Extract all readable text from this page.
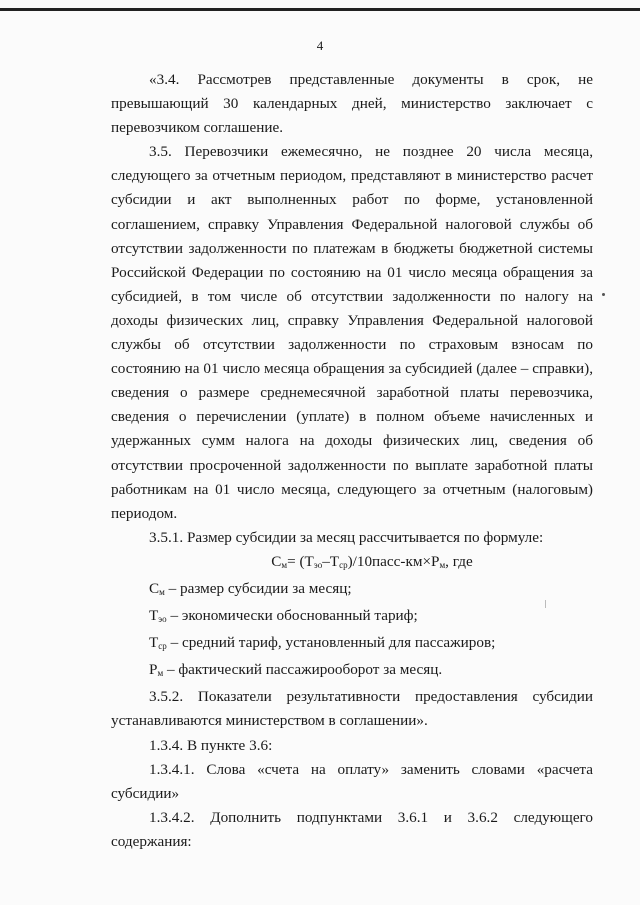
4

«3.4. Рассмотрев представленные документы в срок, не превышающий 30 календарных дней, министерство заключает с перевозчиком соглашение.

3.5. Перевозчики ежемесячно, не позднее 20 числа месяца, следующего за отчетным периодом, представляют в министерство расчет субсидии и акт выполненных работ по форме, установленной соглашением, справку Управления Федеральной налоговой службы об отсутствии задолженности по платежам в бюджеты бюджетной системы Российской Федерации по состоянию на 01 число месяца обращения за субсидией, в том числе об отсутствии задолженности по налогу на доходы физических лиц, справку Управления Федеральной налоговой службы об отсутствии задолженности по страховым взносам по состоянию на 01 число месяца обращения за субсидией (далее – справки), сведения о размере среднемесячной заработной платы перевозчика, сведения о перечислении (уплате) в полном объеме начисленных и удержанных сумм налога на доходы физических лиц, сведения об отсутствии просроченной задолженности по выплате заработной платы работникам на 01 число месяца, следующего за отчетным (налоговым) периодом.

3.5.1. Размер субсидии за месяц рассчитывается по формуле:

$С_м=$ $(Т_{эо}-Т_{ср})/10пасс-км\times Р_м$, где

$С_м$ – размер субсидии за месяц;

$Т_{эо}$ – экономически обоснованный тариф;

$Т_{ср}$ – средний тариф, установленный для пассажиров;

$Р_м$ – фактический пассажирооборот за месяц.

3.5.2. Показатели результативности предоставления субсидии устанавливаются министерством в соглашении».

1.3.4. В пункте 3.6:

1.3.4.1. Слова «счета на оплату» заменить словами «расчета субсидии»

1.3.4.2. Дополнить подпунктами 3.6.1 и 3.6.2 следующего содержания:
